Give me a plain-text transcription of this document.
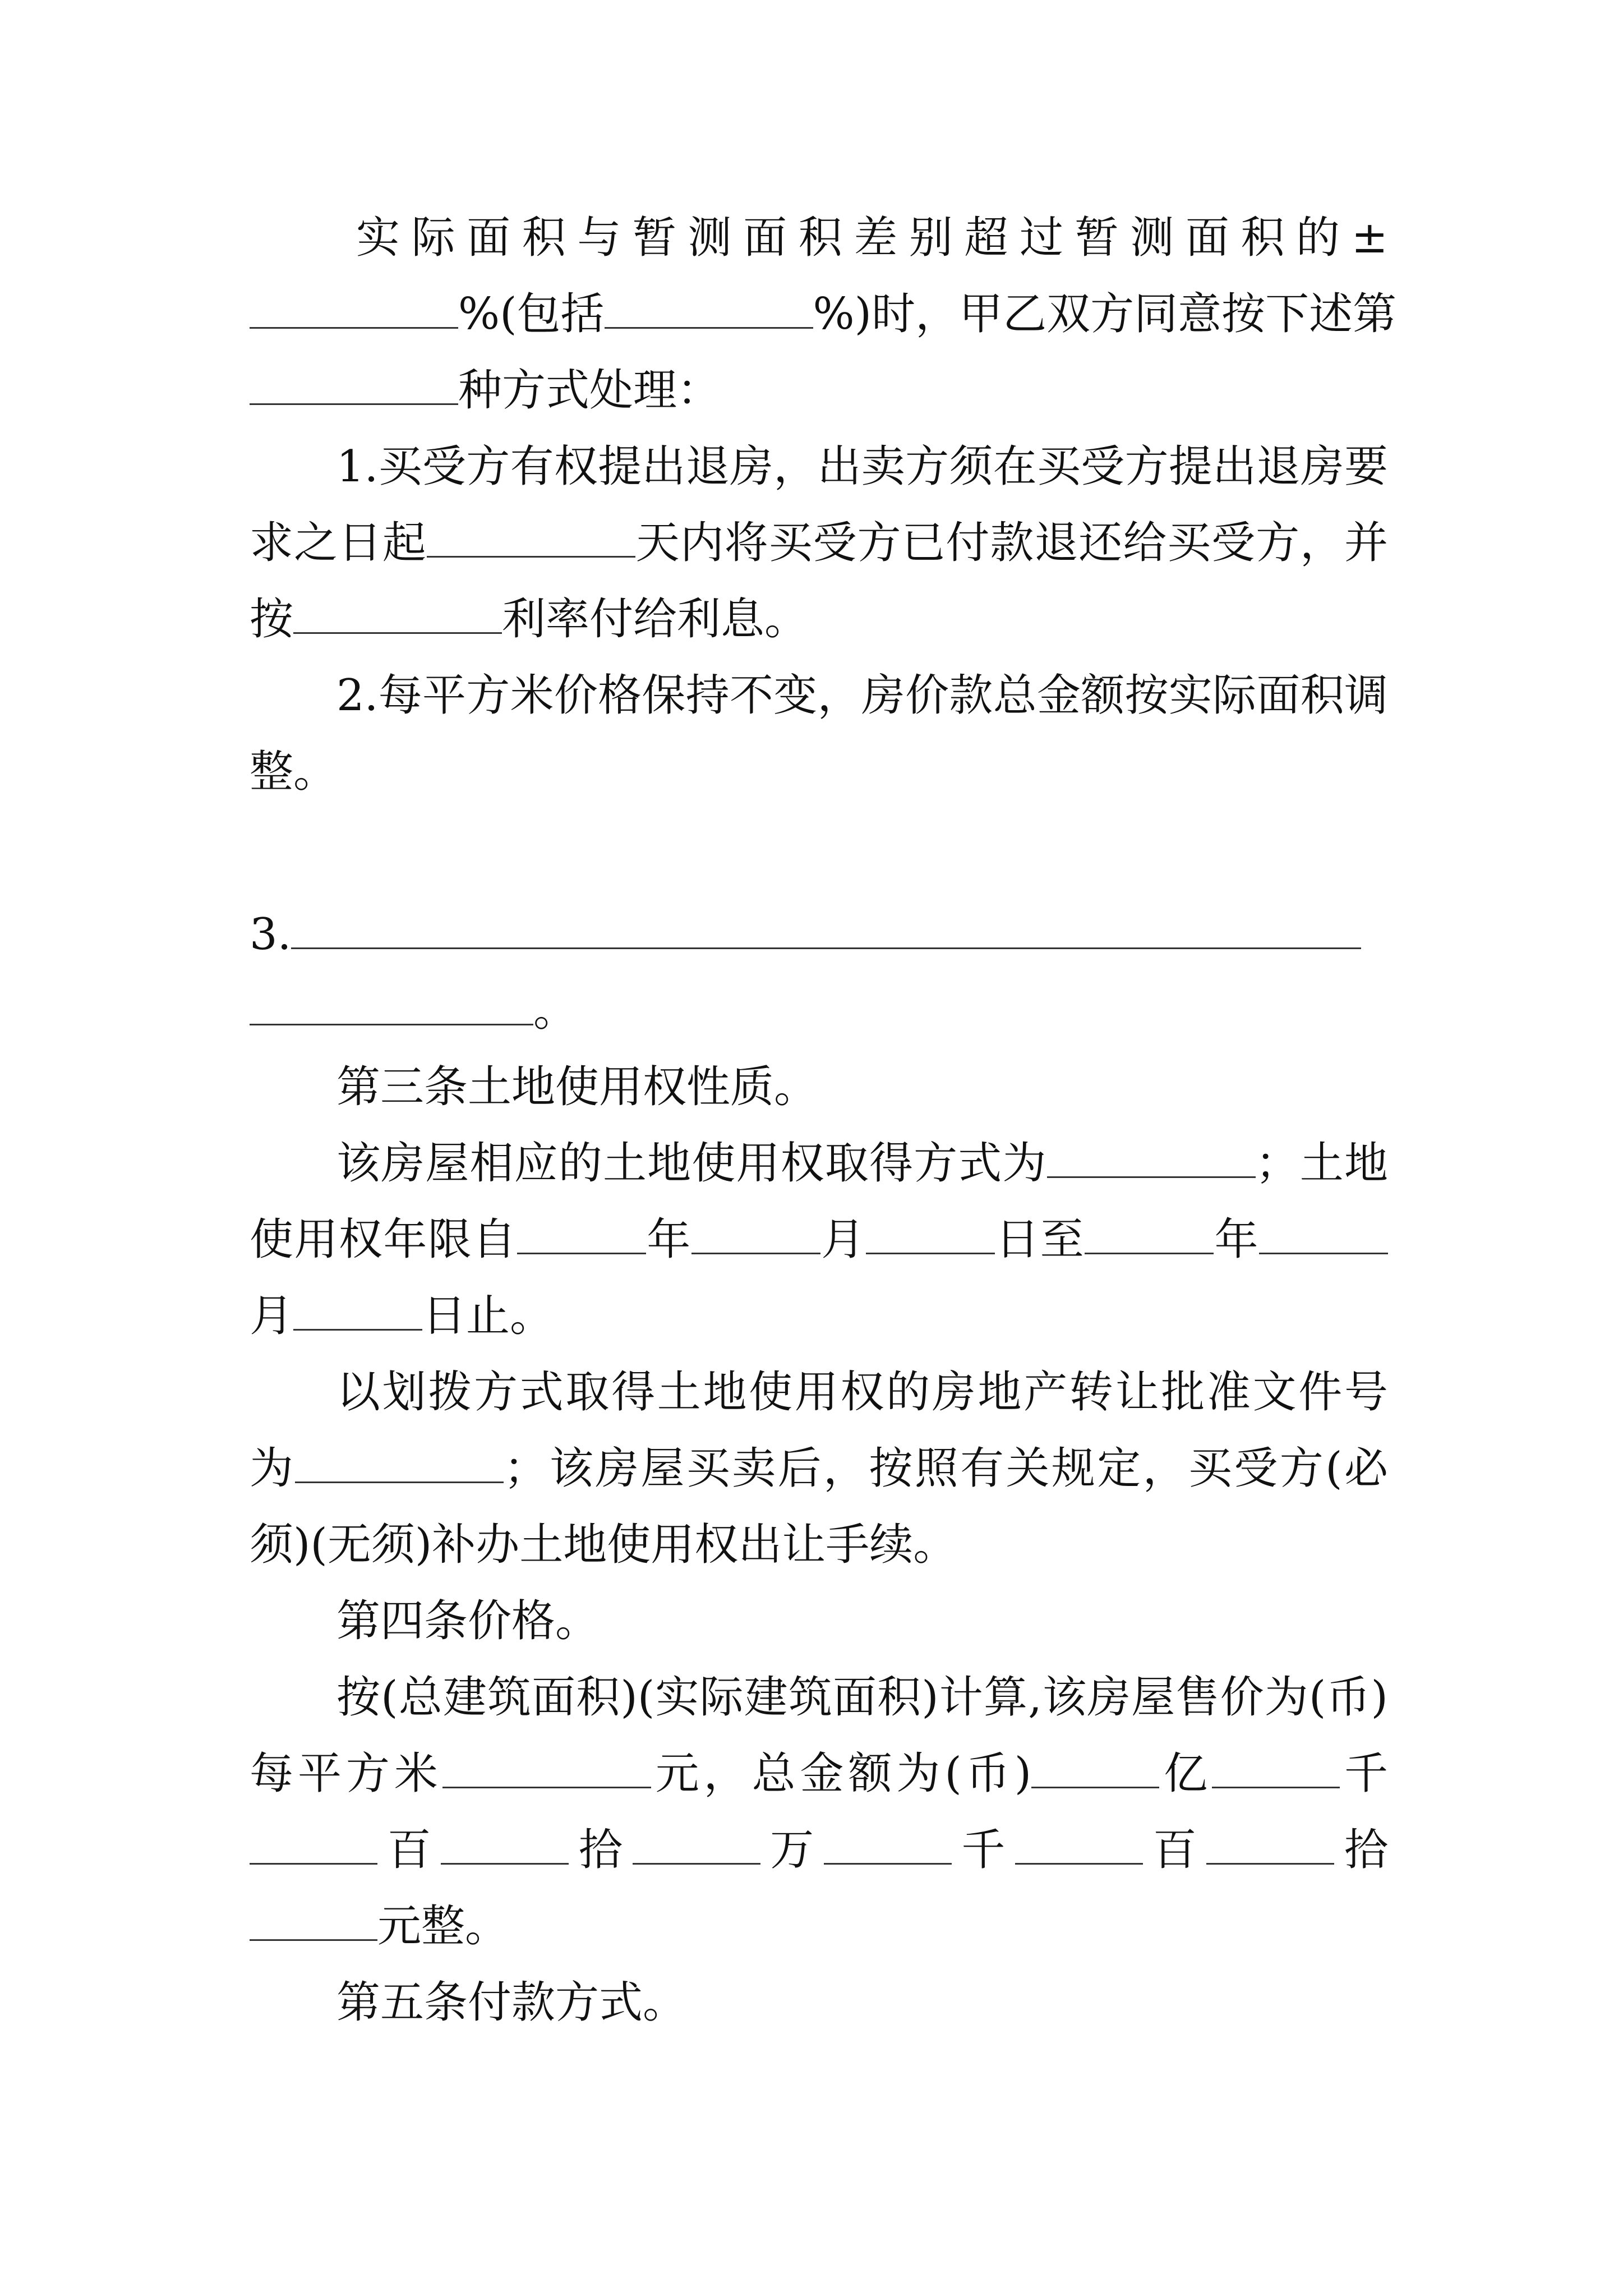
实际面积与暂测面积差别超过暂测面积的±
%(包括	%)时，甲乙双方同意按下述第
种方式处理：
1.买受方有权提出退房，出卖方须在买受方提出退房要
求之日起	天内将买受方已付款退还给买受方，并
按	利率付给利息。
2.每平方米价格保持不变，房价款总金额按实际面积调
整。
3.
。
第三条土地使用权性质。
该房屋相应的土地使用权取得方式为	；土地
使用权年限自	年	月	日至	年
月	日止。
以划拨方式取得土地使用权的房地产转让批准文件号
为	；该房屋买卖后，按照有关规定，买受方(必
须)(无须)补办土地使用权出让手续。
第四条价格。
按(总建筑面积)(实际建筑面积)计算,该房屋售价为(币)
每平方米	元，总金额为(币)	亿	千
百	拾	万	千	百	拾
元整。
第五条付款方式。
